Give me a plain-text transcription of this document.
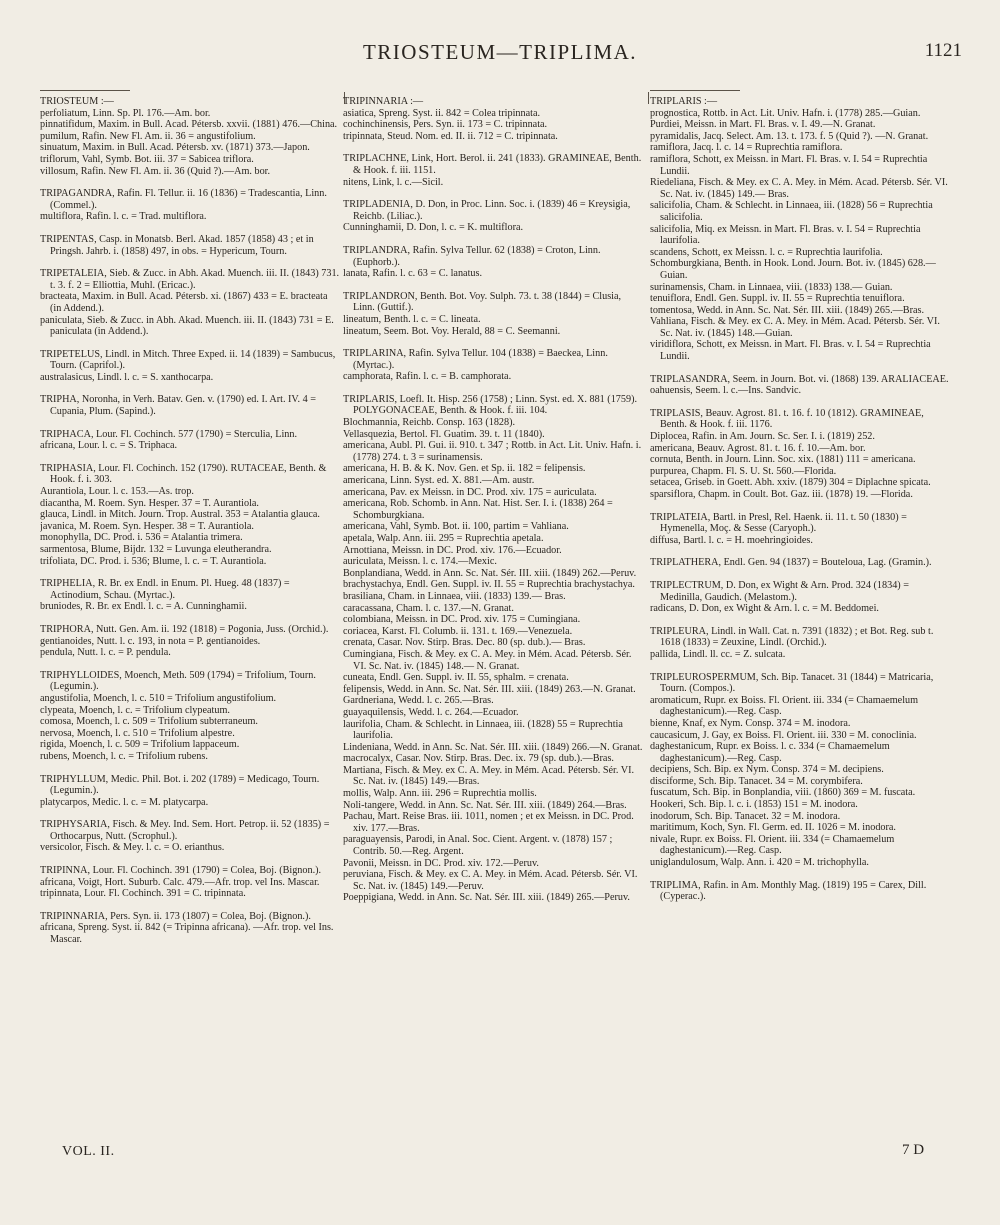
TRIOSTEUM—TRIPLIMA.	1121

TRIOSTEUM :—

perfoliatum, Linn. Sp. Pl. 176.—Am. bor.

pinnatifidum, Maxim. in Bull. Acad. Pétersb. xxvii. (1881) 476.—China.

pumilum, Rafin. New Fl. Am. ii. 36 = angustifolium.

sinuatum, Maxim. in Bull. Acad. Pétersb. xv. (1871) 373.—Japon.

triflorum, Vahl, Symb. Bot. iii. 37 = Sabicea triflora.

villosum, Rafin. New Fl. Am. ii. 36 (Quid ?).—Am. bor.

TRIPAGANDRA, Rafin. Fl. Tellur. ii. 16 (1836) = Tradescantia, Linn. (Commel.).

multiflora, Rafin. l. c. = Trad. multiflora.

TRIPENTAS, Casp. in Monatsb. Berl. Akad. 1857 (1858) 43 ; et in Pringsh. Jahrb. i. (1858) 497, in obs. = Hypericum, Tourn.

TRIPETALEIA, Sieb. & Zucc. in Abh. Akad. Muench. iii. II. (1843) 731. t. 3. f. 2 = Elliottia, Muhl. (Ericac.).

bracteata, Maxim. in Bull. Acad. Pétersb. xi. (1867) 433 = E. bracteata (in Addend.).

paniculata, Sieb. & Zucc. in Abh. Akad. Muench. iii. II. (1843) 731 = E. paniculata (in Addend.).

TRIPETELUS, Lindl. in Mitch. Three Exped. ii. 14 (1839) = Sambucus, Tourn. (Caprifol.).

australasicus, Lindl. l. c. = S. xanthocarpa.

TRIPHA, Noronha, in Verh. Batav. Gen. v. (1790) ed. I. Art. IV. 4 = Cupania, Plum. (Sapind.).

TRIPHACA, Lour. Fl. Cochinch. 577 (1790) = Sterculia, Linn.

africana, Lour. l. c. = S. Triphaca.

TRIPHASIA, Lour. Fl. Cochinch. 152 (1790). RUTACEAE, Benth. & Hook. f. i. 303.

Aurantiola, Lour. l. c. 153.—As. trop.

diacantha, M. Roem. Syn. Hesper. 37 = T. Aurantiola.

glauca, Lindl. in Mitch. Journ. Trop. Austral. 353 = Atalantia glauca.

javanica, M. Roem. Syn. Hesper. 38 = T. Aurantiola.

monophylla, DC. Prod. i. 536 = Atalantia trimera.

sarmentosa, Blume, Bijdr. 132 = Luvunga eleutherandra.

trifoliata, DC. Prod. i. 536; Blume, l. c. = T. Aurantiola.

TRIPHELIA, R. Br. ex Endl. in Enum. Pl. Hueg. 48 (1837) = Actinodium, Schau. (Myrtac.).

bruniodes, R. Br. ex Endl. l. c. = A. Cunninghamii.

TRIPHORA, Nutt. Gen. Am. ii. 192 (1818) = Pogonia, Juss. (Orchid.).

gentianoides, Nutt. l. c. 193, in nota = P. gentianoides.

pendula, Nutt. l. c. = P. pendula.

TRIPHYLLOIDES, Moench, Meth. 509 (1794) = Trifolium, Tourn. (Legumin.).

angustifolia, Moench, l. c. 510 = Trifolium angustifolium.

clypeata, Moench, l. c. = Trifolium clypeatum.

comosa, Moench, l. c. 509 = Trifolium subterraneum.

nervosa, Moench, l. c. 510 = Trifolium alpestre.

rigida, Moench, l. c. 509 = Trifolium lappaceum.

rubens, Moench, l. c. = Trifolium rubens.

TRIPHYLLUM, Medic. Phil. Bot. i. 202 (1789) = Medicago, Tourn. (Legumin.).

platycarpos, Medic. l. c. = M. platycarpa.

TRIPHYSARIA, Fisch. & Mey. Ind. Sem. Hort. Petrop. ii. 52 (1835) = Orthocarpus, Nutt. (Scrophul.).

versicolor, Fisch. & Mey. l. c. = O. erianthus.

TRIPINNA, Lour. Fl. Cochinch. 391 (1790) = Colea, Boj. (Bignon.).

africana, Voigt, Hort. Suburb. Calc. 479.—Afr. trop. vel Ins. Mascar.

tripinnata, Lour. Fl. Cochinch. 391 = C. tripinnata.

TRIPINNARIA, Pers. Syn. ii. 173 (1807) = Colea, Boj. (Bignon.).

africana, Spreng. Syst. ii. 842 (= Tripinna africana). —Afr. trop. vel Ins. Mascar.

TRIPINNARIA :—

asiatica, Spreng. Syst. ii. 842 = Colea tripinnata.

cochinchinensis, Pers. Syn. ii. 173 = C. tripinnata.

tripinnata, Steud. Nom. ed. II. ii. 712 = C. tripinnata.

TRIPLACHNE, Link, Hort. Berol. ii. 241 (1833). GRAMINEAE, Benth. & Hook. f. iii. 1151.

nitens, Link, l. c.—Sicil.

TRIPLADENIA, D. Don, in Proc. Linn. Soc. i. (1839) 46 = Kreysigia, Reichb. (Liliac.).

Cunninghamii, D. Don, l. c. = K. multiflora.

TRIPLANDRA, Rafin. Sylva Tellur. 62 (1838) = Croton, Linn. (Euphorb.).

lanata, Rafin. l. c. 63 = C. lanatus.

TRIPLANDRON, Benth. Bot. Voy. Sulph. 73. t. 38 (1844) = Clusia, Linn. (Guttif.).

lineatum, Benth. l. c. = C. lineata.

lineatum, Seem. Bot. Voy. Herald, 88 = C. Seemanni.

TRIPLARINA, Rafin. Sylva Tellur. 104 (1838) = Baeckea, Linn. (Myrtac.).

camphorata, Rafin. l. c. = B. camphorata.

TRIPLARIS, Loefl. It. Hisp. 256 (1758) ; Linn. Syst. ed. X. 881 (1759). POLYGONACEAE, Benth. & Hook. f. iii. 104.

Blochmannia, Reichb. Consp. 163 (1828).

Vellasquezia, Bertol. Fl. Guatim. 39. t. 11 (1840).

americana, Aubl. Pl. Gui. ii. 910. t. 347 ; Rottb. in Act. Lit. Univ. Hafn. i. (1778) 274. t. 3 = surinamensis.

americana, H. B. & K. Nov. Gen. et Sp. ii. 182 = felipensis.

americana, Linn. Syst. ed. X. 881.—Am. austr.

americana, Pav. ex Meissn. in DC. Prod. xiv. 175 = auriculata.

americana, Rob. Schomb. in Ann. Nat. Hist. Ser. I. i. (1838) 264 = Schomburgkiana.

americana, Vahl, Symb. Bot. ii. 100, partim = Vahliana.

apetala, Walp. Ann. iii. 295 = Ruprechtia apetala.

Arnottiana, Meissn. in DC. Prod. xiv. 176.—Ecuador.

auriculata, Meissn. l. c. 174.—Mexic.

Bonplandiana, Wedd. in Ann. Sc. Nat. Sér. III. xiii. (1849) 262.—Peruv.

brachystachya, Endl. Gen. Suppl. iv. II. 55 = Ruprechtia brachystachya.

brasiliana, Cham. in Linnaea, viii. (1833) 139.— Bras.

caracassana, Cham. l. c. 137.—N. Granat.

colombiana, Meissn. in DC. Prod. xiv. 175 = Cumingiana.

coriacea, Karst. Fl. Columb. ii. 131. t. 169.—Venezuela.

crenata, Casar. Nov. Stirp. Bras. Dec. 80 (sp. dub.).— Bras.

Cumingiana, Fisch. & Mey. ex C. A. Mey. in Mém. Acad. Pétersb. Sér. VI. Sc. Nat. iv. (1845) 148.— N. Granat.

cuneata, Endl. Gen. Suppl. iv. II. 55, sphalm. = crenata.

felipensis, Wedd. in Ann. Sc. Nat. Sér. III. xiii. (1849) 263.—N. Granat.

Gardneriana, Wedd. l. c. 265.—Bras.

guayaquilensis, Wedd. l. c. 264.—Ecuador.

laurifolia, Cham. & Schlecht. in Linnaea, iii. (1828) 55 = Ruprechtia laurifolia.

Lindeniana, Wedd. in Ann. Sc. Nat. Sér. III. xiii. (1849) 266.—N. Granat.

macrocalyx, Casar. Nov. Stirp. Bras. Dec. ix. 79 (sp. dub.).—Bras.

Martiana, Fisch. & Mey. ex C. A. Mey. in Mém. Acad. Pétersb. Sér. VI. Sc. Nat. iv. (1845) 149.—Bras.

mollis, Walp. Ann. iii. 296 = Ruprechtia mollis.

Noli-tangere, Wedd. in Ann. Sc. Nat. Sér. III. xiii. (1849) 264.—Bras.

Pachau, Mart. Reise Bras. iii. 1011, nomen ; et ex Meissn. in DC. Prod. xiv. 177.—Bras.

paraguayensis, Parodi, in Anal. Soc. Cient. Argent. v. (1878) 157 ; Contrib. 50.—Reg. Argent.

Pavonii, Meissn. in DC. Prod. xiv. 172.—Peruv.

peruviana, Fisch. & Mey. ex C. A. Mey. in Mém. Acad. Pétersb. Sér. VI. Sc. Nat. iv. (1845) 149.—Peruv.

Poeppigiana, Wedd. in Ann. Sc. Nat. Sér. III. xiii. (1849) 265.—Peruv.

TRIPLARIS :—

prognostica, Rottb. in Act. Lit. Univ. Hafn. i. (1778) 285.—Guian.

Purdiei, Meissn. in Mart. Fl. Bras. v. I. 49.—N. Granat.

pyramidalis, Jacq. Select. Am. 13. t. 173. f. 5 (Quid ?). —N. Granat.

ramiflora, Jacq. l. c. 14 = Ruprechtia ramiflora.

ramiflora, Schott, ex Meissn. in Mart. Fl. Bras. v. I. 54 = Ruprechtia Lundii.

Riedeliana, Fisch. & Mey. ex C. A. Mey. in Mém. Acad. Pétersb. Sér. VI. Sc. Nat. iv. (1845) 149.— Bras.

salicifolia, Cham. & Schlecht. in Linnaea, iii. (1828) 56 = Ruprechtia salicifolia.

salicifolia, Miq. ex Meissn. in Mart. Fl. Bras. v. I. 54 = Ruprechtia laurifolia.

scandens, Schott, ex Meissn. l. c. = Ruprechtia laurifolia.

Schomburgkiana, Benth. in Hook. Lond. Journ. Bot. iv. (1845) 628.—Guian.

surinamensis, Cham. in Linnaea, viii. (1833) 138.— Guian.

tenuiflora, Endl. Gen. Suppl. iv. II. 55 = Ruprechtia tenuiflora.

tomentosa, Wedd. in Ann. Sc. Nat. Sér. III. xiii. (1849) 265.—Bras.

Vahliana, Fisch. & Mey. ex C. A. Mey. in Mém. Acad. Pétersb. Sér. VI. Sc. Nat. iv. (1845) 148.—Guian.

viridiflora, Schott, ex Meissn. in Mart. Fl. Bras. v. I. 54 = Ruprechtia Lundii.

TRIPLASANDRA, Seem. in Journ. Bot. vi. (1868) 139. ARALIACEAE.

oahuensis, Seem. l. c.—Ins. Sandvic.

TRIPLASIS, Beauv. Agrost. 81. t. 16. f. 10 (1812). GRAMINEAE, Benth. & Hook. f. iii. 1176.

Diplocea, Rafin. in Am. Journ. Sc. Ser. I. i. (1819) 252.

americana, Beauv. Agrost. 81. t. 16. f. 10.—Am. bor.

cornuta, Benth. in Journ. Linn. Soc. xix. (1881) 111 = americana.

purpurea, Chapm. Fl. S. U. St. 560.—Florida.

setacea, Griseb. in Goett. Abh. xxiv. (1879) 304 = Diplachne spicata.

sparsiflora, Chapm. in Coult. Bot. Gaz. iii. (1878) 19. —Florida.

TRIPLATEIA, Bartl. in Presl, Rel. Haenk. ii. 11. t. 50 (1830) = Hymenella, Moç. & Sesse (Caryoph.).

diffusa, Bartl. l. c. = H. moehringioides.

TRIPLATHERA, Endl. Gen. 94 (1837) = Bouteloua, Lag. (Gramin.).

TRIPLECTRUM, D. Don, ex Wight & Arn. Prod. 324 (1834) = Medinilla, Gaudich. (Melastom.).

radicans, D. Don, ex Wight & Arn. l. c. = M. Beddomei.

TRIPLEURA, Lindl. in Wall. Cat. n. 7391 (1832) ; et Bot. Reg. sub t. 1618 (1833) = Zeuxine, Lindl. (Orchid.).

pallida, Lindl. ll. cc. = Z. sulcata.

TRIPLEUROSPERMUM, Sch. Bip. Tanacet. 31 (1844) = Matricaria, Tourn. (Compos.).

aromaticum, Rupr. ex Boiss. Fl. Orient. iii. 334 (= Chamaemelum daghestanicum).—Reg. Casp.

bienne, Knaf, ex Nym. Consp. 374 = M. inodora.

caucasicum, J. Gay, ex Boiss. Fl. Orient. iii. 330 = M. conoclinia.

daghestanicum, Rupr. ex Boiss. l. c. 334 (= Chamaemelum daghestanicum).—Reg. Casp.

decipiens, Sch. Bip. ex Nym. Consp. 374 = M. decipiens.

disciforme, Sch. Bip. Tanacet. 34 = M. corymbifera.

fuscatum, Sch. Bip. in Bonplandia, viii. (1860) 369 = M. fuscata.

Hookeri, Sch. Bip. l. c. i. (1853) 151 = M. inodora.

inodorum, Sch. Bip. Tanacet. 32 = M. inodora.

maritimum, Koch, Syn. Fl. Germ. ed. II. 1026 = M. inodora.

nivale, Rupr. ex Boiss. Fl. Orient. iii. 334 (= Chamaemelum daghestanicum).—Reg. Casp.

uniglandulosum, Walp. Ann. i. 420 = M. trichophylla.

TRIPLIMA, Rafin. in Am. Monthly Mag. (1819) 195 = Carex, Dill. (Cyperac.).

VOL. II.	7 D
